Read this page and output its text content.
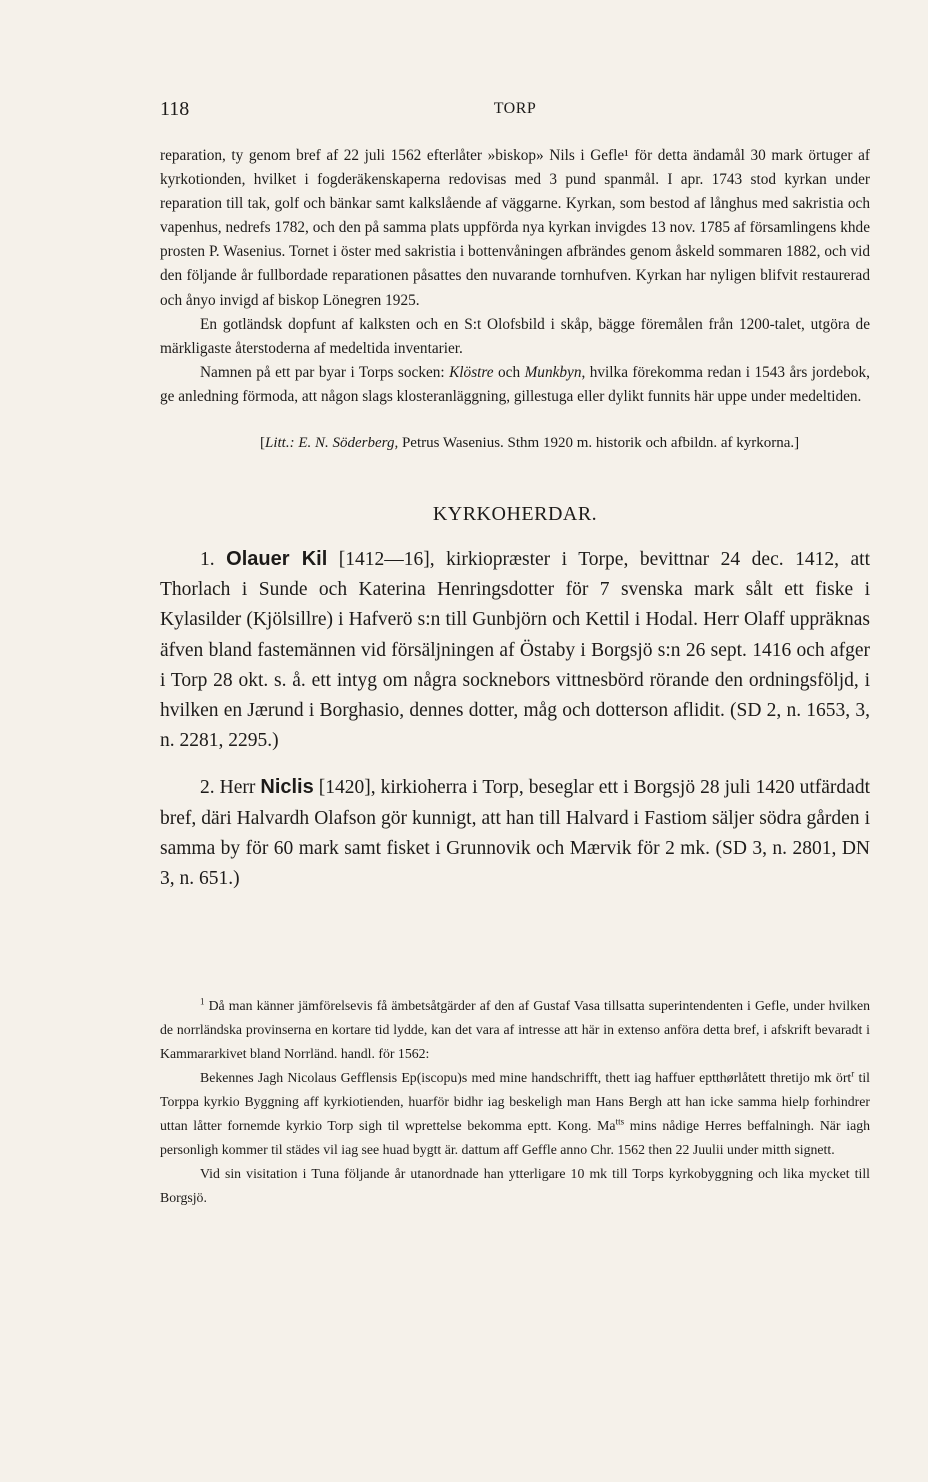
118	TORP

reparation, ty genom bref af 22 juli 1562 efterlåter »biskop» Nils i Gefle¹ för detta ändamål 30 mark örtuger af kyrkotionden, hvilket i fogderäkenskaperna redovisas med 3 pund spanmål. I apr. 1743 stod kyrkan under reparation till tak, golf och bänkar samt kalkslående af väggarne. Kyrkan, som bestod af långhus med sakristia och vapenhus, nedrefs 1782, och den på samma plats uppförda nya kyrkan invigdes 13 nov. 1785 af församlingens khde prosten P. Wasenius. Tornet i öster med sakristia i bottenvåningen afbrändes genom åskeld sommaren 1882, och vid den följande år fullbordade reparationen påsattes den nuvarande tornhufven. Kyrkan har nyligen blifvit restaurerad och ånyo invigd af biskop Lönegren 1925.

En gotländsk dopfunt af kalksten och en S:t Olofsbild i skåp, bägge föremålen från 1200-talet, utgöra de märkligaste återstoderna af medeltida inventarier.

Namnen på ett par byar i Torps socken: Klöstre och Munkbyn, hvilka förekomma redan i 1543 års jordebok, ge anledning förmoda, att någon slags klosteranläggning, gillestuga eller dylikt funnits här uppe under medeltiden.

[Litt.: E. N. Söderberg, Petrus Wasenius. Sthm 1920 m. historik och afbildn. af kyrkorna.]

KYRKOHERDAR.

1. Olauer Kil [1412—16], kirkiopræster i Torpe, bevittnar 24 dec. 1412, att Thorlach i Sunde och Katerina Henringsdotter för 7 svenska mark sålt ett fiske i Kylasilder (Kjölsillre) i Hafverö s:n till Gunbjörn och Kettil i Hodal. Herr Olaff uppräknas äfven bland fastemännen vid försäljningen af Östaby i Borgsjö s:n 26 sept. 1416 och afger i Torp 28 okt. s. å. ett intyg om några socknebors vittnesbörd rörande den ordningsföljd, i hvilken en Jærund i Borghasio, dennes dotter, måg och dotterson aflidit. (SD 2, n. 1653, 3, n. 2281, 2295.)

2. Herr Niclis [1420], kirkioherra i Torp, beseglar ett i Borgsjö 28 juli 1420 utfärdadt bref, däri Halvardh Olafson gör kunnigt, att han till Halvard i Fastiom säljer södra gården i samma by för 60 mark samt fisket i Grunnovik och Mærvik för 2 mk. (SD 3, n. 2801, DN 3, n. 651.)

$^1$ Då man känner jämförelsevis få ämbetsåtgärder af den af Gustaf Vasa tillsatta superintendenten i Gefle, under hvilken de norrländska provinserna en kortare tid lydde, kan det vara af intresse att här in extenso anföra detta bref, i afskrift bevaradt i Kammararkivet bland Norrländ. handl. för 1562:

Bekennes Jagh Nicolaus Gefflensis Ep(iscopu)s med mine handschrifft, thett iag haffuer eptthørlåtett thretijo mk ört$^r$ til Torppa kyrkio Byggning aff kyrkiotienden, huarför bidhr iag beskeligh man Hans Bergh att han icke samma hielp forhindrer uttan låtter fornemde kyrkio Torp sigh til wprettelse bekomma eptt. Kong. $Ma^{tts}$ mins nådige Herres beffalningh. När iagh personligh kommer til städes vil iag see huad bygtt är. dattum aff Geffle anno Chr. 1562 then 22 Juulii under mitth signett.

Vid sin visitation i Tuna följande år utanordnade han ytterligare 10 mk till Torps kyrkobyggning och lika mycket till Borgsjö.
